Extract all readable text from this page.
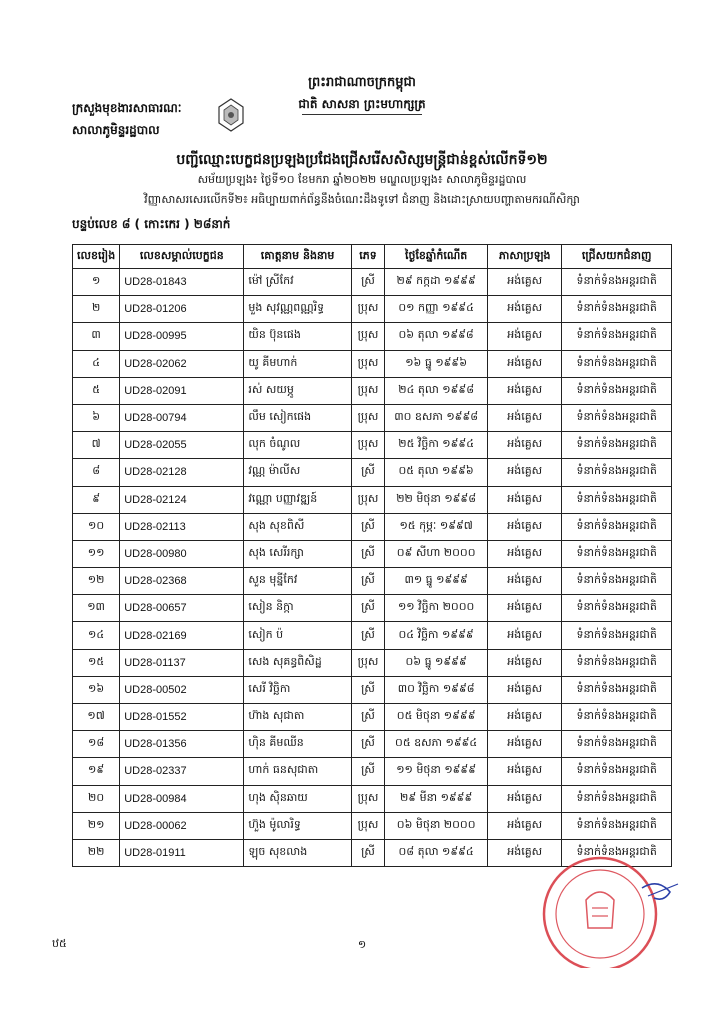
ព្រះរាជាណាចក្រកម្ពុជា
ជាតិ សាសនា ព្រះមហាក្សត្រ
ក្រសួងមុខងារសាធារណៈ
សាលាភូមិន្ទរដ្ឋបាល
បញ្ជីឈ្មោះបេក្ខជនប្រឡងប្រជែងជ្រើសរើសសិស្សមន្ត្រីជាន់ខ្ពស់លើកទី១២
សម័យប្រឡង៖ ថ្ងៃទី១០ ខែមករា ឆ្នាំ២០២២ មណ្ឌលប្រឡង៖ សាលាភូមិន្ទរដ្ឋបាល
វិញ្ញាសាសរសេរលើកទី២៖ អធិប្បាយពាក់ព័ន្ធនឹងចំណេះដឹងទូទៅ ជំនាញ និងដោះស្រាយបញ្ហាតាមករណីសិក្សា
បន្ទប់លេខ ៨ ( កោះកេរ ) ២៨នាក់
លេខរៀង	លេខសម្គាល់បេក្ខជន	គោត្តនាម និងនាម	ភេទ	ថ្ងៃខែឆ្នាំកំណើត	ភាសាប្រឡង	ជ្រើសយកជំនាញ
១	UD28-01843	ម៉ៅ ស្រីកែវ	ស្រី	២៩ កក្កដា ១៩៩៩	អង់គ្លេស	ទំនាក់ទំនងអន្តរជាតិ
២	UD28-01206	មួង សុវណ្ណពណ្ណរិទ្ធ	ប្រុស	០១ កញ្ញា ១៩៩៤	អង់គ្លេស	ទំនាក់ទំនងអន្តរជាតិ
៣	UD28-00995	យិន ប៊ុនផេង	ប្រុស	០៦ តុលា ១៩៩៨	អង់គ្លេស	ទំនាក់ទំនងអន្តរជាតិ
៤	UD28-02062	យូ គីមហាក់	ប្រុស	១៦ ធ្នូ ១៩៩៦	អង់គ្លេស	ទំនាក់ទំនងអន្តរជាតិ
៥	UD28-02091	រស់ សយម្ភូ	ប្រុស	២៤ តុលា ១៩៩៨	អង់គ្លេស	ទំនាក់ទំនងអន្តរជាតិ
៦	UD28-00794	លឹម សៀកផេង	ប្រុស	៣០ ឧសភា ១៩៩៨	អង់គ្លេស	ទំនាក់ទំនងអន្តរជាតិ
៧	UD28-02055	លុក ចំណូល	ប្រុស	២៥ វិច្ឆិកា ១៩៩៤	អង់គ្លេស	ទំនាក់ទំនងអន្តរជាតិ
៨	UD28-02128	វណ្ណ ម៉ាលីស	ស្រី	០៥ តុលា ១៩៩៦	អង់គ្លេស	ទំនាក់ទំនងអន្តរជាតិ
៩	UD28-02124	វណ្ណោ បញ្ញាវឌ្ឍន៍	ប្រុស	២២ មិថុនា ១៩៩៨	អង់គ្លេស	ទំនាក់ទំនងអន្តរជាតិ
១០	UD28-02113	សុង សុខពិសី	ស្រី	១៥ កុម្ភៈ ១៩៩៧	អង់គ្លេស	ទំនាក់ទំនងអន្តរជាតិ
១១	UD28-00980	សុង សេរីរក្សា	ស្រី	០៩ សីហា ២០០០	អង់គ្លេស	ទំនាក់ទំនងអន្តរជាតិ
១២	UD28-02368	សួន មុន្នីកែវ	ស្រី	៣១ ធ្នូ ១៩៩៩	អង់គ្លេស	ទំនាក់ទំនងអន្តរជាតិ
១៣	UD28-00657	សៀន និក្កា	ស្រី	១១ វិច្ឆិកា ២០០០	អង់គ្លេស	ទំនាក់ទំនងអន្តរជាតិ
១៤	UD28-02169	សៀក ប៉	ស្រី	០៤ វិច្ឆិកា ១៩៩៩	អង់គ្លេស	ទំនាក់ទំនងអន្តរជាតិ
១៥	UD28-01137	សេង សុគន្ធពិសិដ្ឋ	ប្រុស	០៦ ធ្នូ ១៩៩៩	អង់គ្លេស	ទំនាក់ទំនងអន្តរជាតិ
១៦	UD28-00502	សេរី វិច្ឆិកា	ស្រី	៣០ វិច្ឆិកា ១៩៩៨	អង់គ្លេស	ទំនាក់ទំនងអន្តរជាតិ
១៧	UD28-01552	ហ៊ាង សុជាតា	ស្រី	០៥ មិថុនា ១៩៩៩	អង់គ្លេស	ទំនាក់ទំនងអន្តរជាតិ
១៨	UD28-01356	ហ៊ិន គីមឈីន	ស្រី	០៥ ឧសភា ១៩៩៤	អង់គ្លេស	ទំនាក់ទំនងអន្តរជាតិ
១៩	UD28-02337	ហាក់ ធនសុជាតា	ស្រី	១១ មិថុនា ១៩៩៩	អង់គ្លេស	ទំនាក់ទំនងអន្តរជាតិ
២០	UD28-00984	ហុង ស៊ិនឆាយ	ប្រុស	២៩ មីនា ១៩៩៩	អង់គ្លេស	ទំនាក់ទំនងអន្តរជាតិ
២១	UD28-00062	ហ៊ួង ម៉ូលារិទ្ធ	ប្រុស	០៦ មិថុនា ២០០០	អង់គ្លេស	ទំនាក់ទំនងអន្តរជាតិ
២២	UD28-01911	ឡុច សុខលាង	ស្រី	០៨ តុលា ១៩៩៤	អង់គ្លេស	ទំនាក់ទំនងអន្តរជាតិ
ឋ៥	១
